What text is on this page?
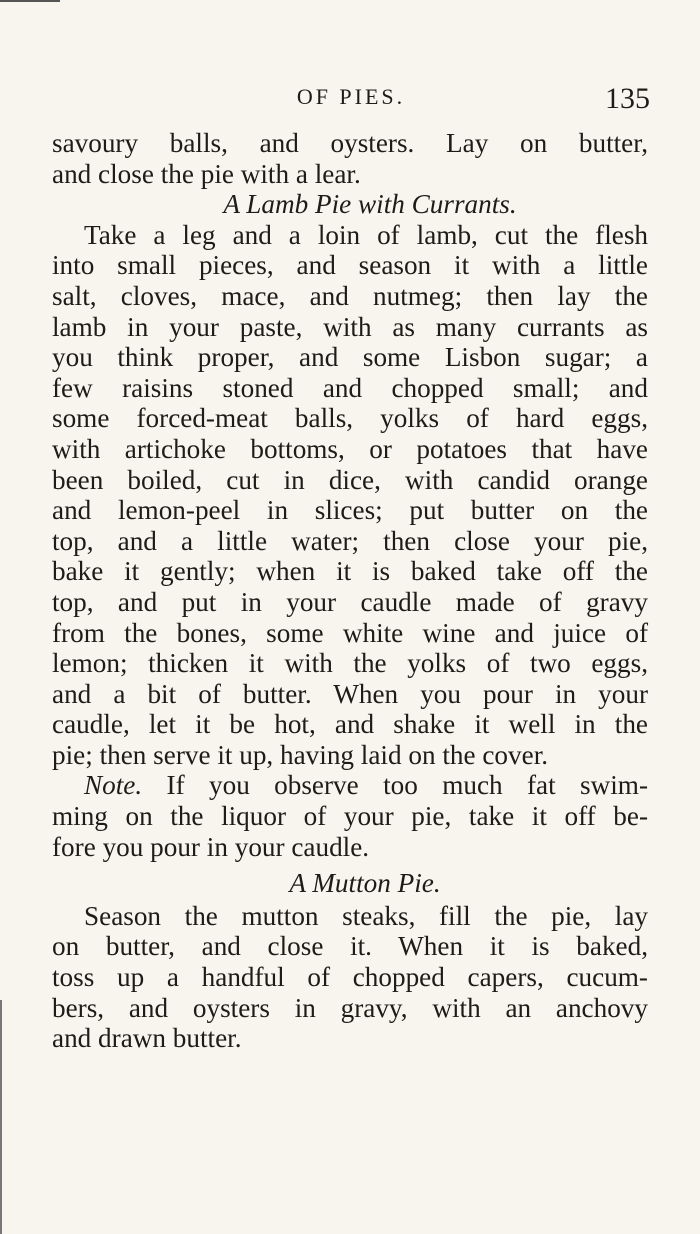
OF PIES.	135
savoury balls, and oysters. Lay on butter,
and close the pie with a lear.
A Lamb Pie with Currants.
Take a leg and a loin of lamb, cut the flesh
into small pieces, and season it with a little
salt, cloves, mace, and nutmeg; then lay the
lamb in your paste, with as many currants as
you think proper, and some Lisbon sugar; a
few raisins stoned and chopped small; and
some forced-meat balls, yolks of hard eggs,
with artichoke bottoms, or potatoes that have
been boiled, cut in dice, with candid orange
and lemon-peel in slices; put butter on the
top, and a little water; then close your pie,
bake it gently; when it is baked take off the
top, and put in your caudle made of gravy
from the bones, some white wine and juice of
lemon; thicken it with the yolks of two eggs,
and a bit of butter. When you pour in your
caudle, let it be hot, and shake it well in the
pie; then serve it up, having laid on the cover.
Note. If you observe too much fat swim-
ming on the liquor of your pie, take it off be-
fore you pour in your caudle.
A Mutton Pie.
Season the mutton steaks, fill the pie, lay
on butter, and close it. When it is baked,
toss up a handful of chopped capers, cucum-
bers, and oysters in gravy, with an anchovy
and drawn butter.
